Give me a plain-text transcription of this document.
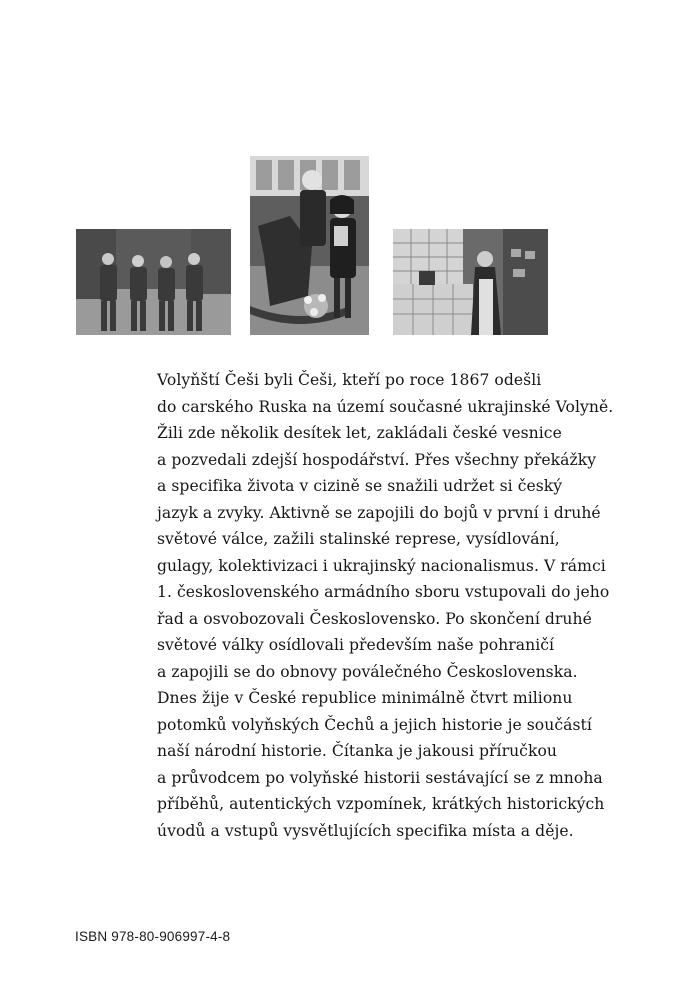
Volyňští Češi byli Češi, kteří po roce 1867 odešli
do carského Ruska na území současné ukrajinské Volyně.
Žili zde několik desítek let, zakládali české vesnice
a pozvedali zdejší hospodářství. Přes všechny překážky
a specifika života v cizině se snažili udržet si český
jazyk a zvyky. Aktivně se zapojili do bojů v první i druhé
světové válce, zažili stalinské represe, vysídlování,
gulagy, kolektivizaci i ukrajinský nacionalismus. V rámci
1. československého armádního sboru vstupovali do jeho
řad a osvobozovali Československo. Po skončení druhé
světové války osídlovali především naše pohraničí
a zapojili se do obnovy poválečného Československa.
Dnes žije v České republice minimálně čtvrt milionu
potomků volyňských Čechů a jejich historie je součástí
naší národní historie. Čítanka je jakousi příručkou
a průvodcem po volyňské historii sestávající se z mnoha
příběhů, autentických vzpomínek, krátkých historických
úvodů a vstupů vysvětlujících specifika místa a děje.
ISBN 978-80-906997-4-8
